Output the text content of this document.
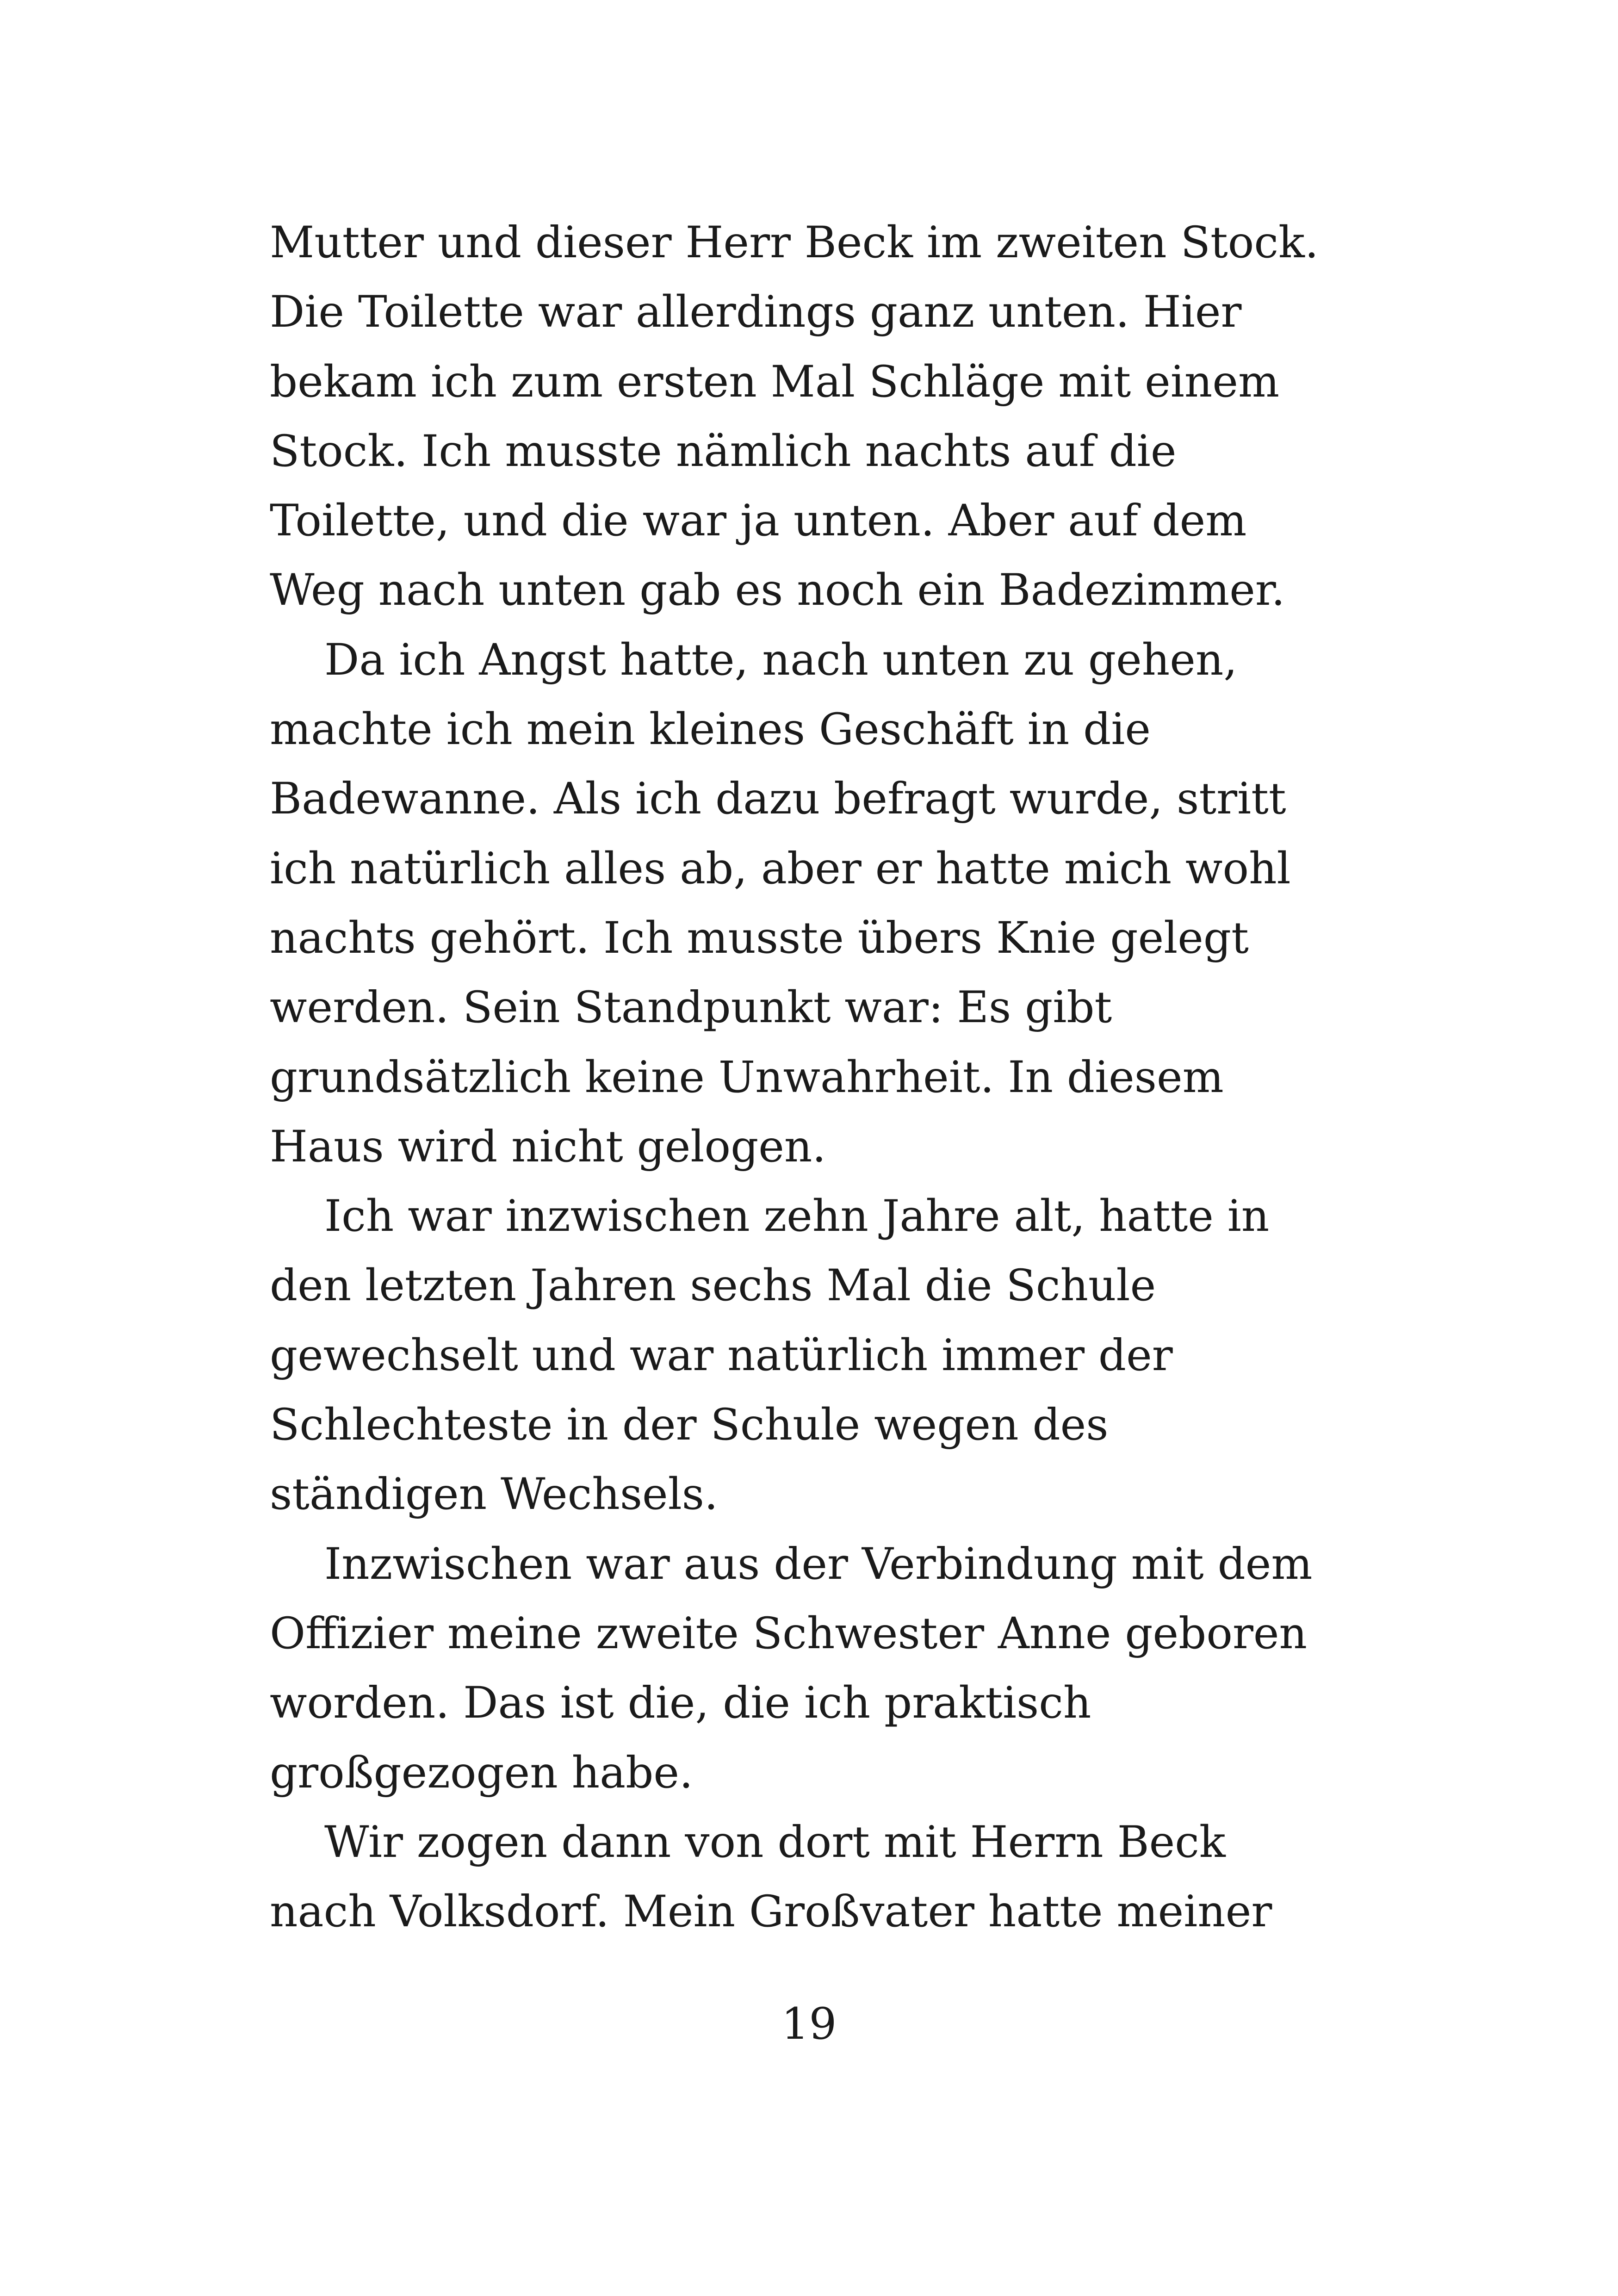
Mutter und dieser Herr Beck im zweiten Stock.
Die Toilette war allerdings ganz unten. Hier
bekam ich zum ersten Mal Schläge mit einem
Stock. Ich musste nämlich nachts auf die
Toilette, und die war ja unten. Aber auf dem
Weg nach unten gab es noch ein Badezimmer.
Da ich Angst hatte, nach unten zu gehen,
machte ich mein kleines Geschäft in die
Badewanne. Als ich dazu befragt wurde, stritt
ich natürlich alles ab, aber er hatte mich wohl
nachts gehört. Ich musste übers Knie gelegt
werden. Sein Standpunkt war: Es gibt
grundsätzlich keine Unwahrheit. In diesem
Haus wird nicht gelogen.
Ich war inzwischen zehn Jahre alt, hatte in
den letzten Jahren sechs Mal die Schule
gewechselt und war natürlich immer der
Schlechteste in der Schule wegen des
ständigen Wechsels.
Inzwischen war aus der Verbindung mit dem
Offizier meine zweite Schwester Anne geboren
worden. Das ist die, die ich praktisch
großgezogen habe.
Wir zogen dann von dort mit Herrn Beck
nach Volksdorf. Mein Großvater hatte meiner
19
